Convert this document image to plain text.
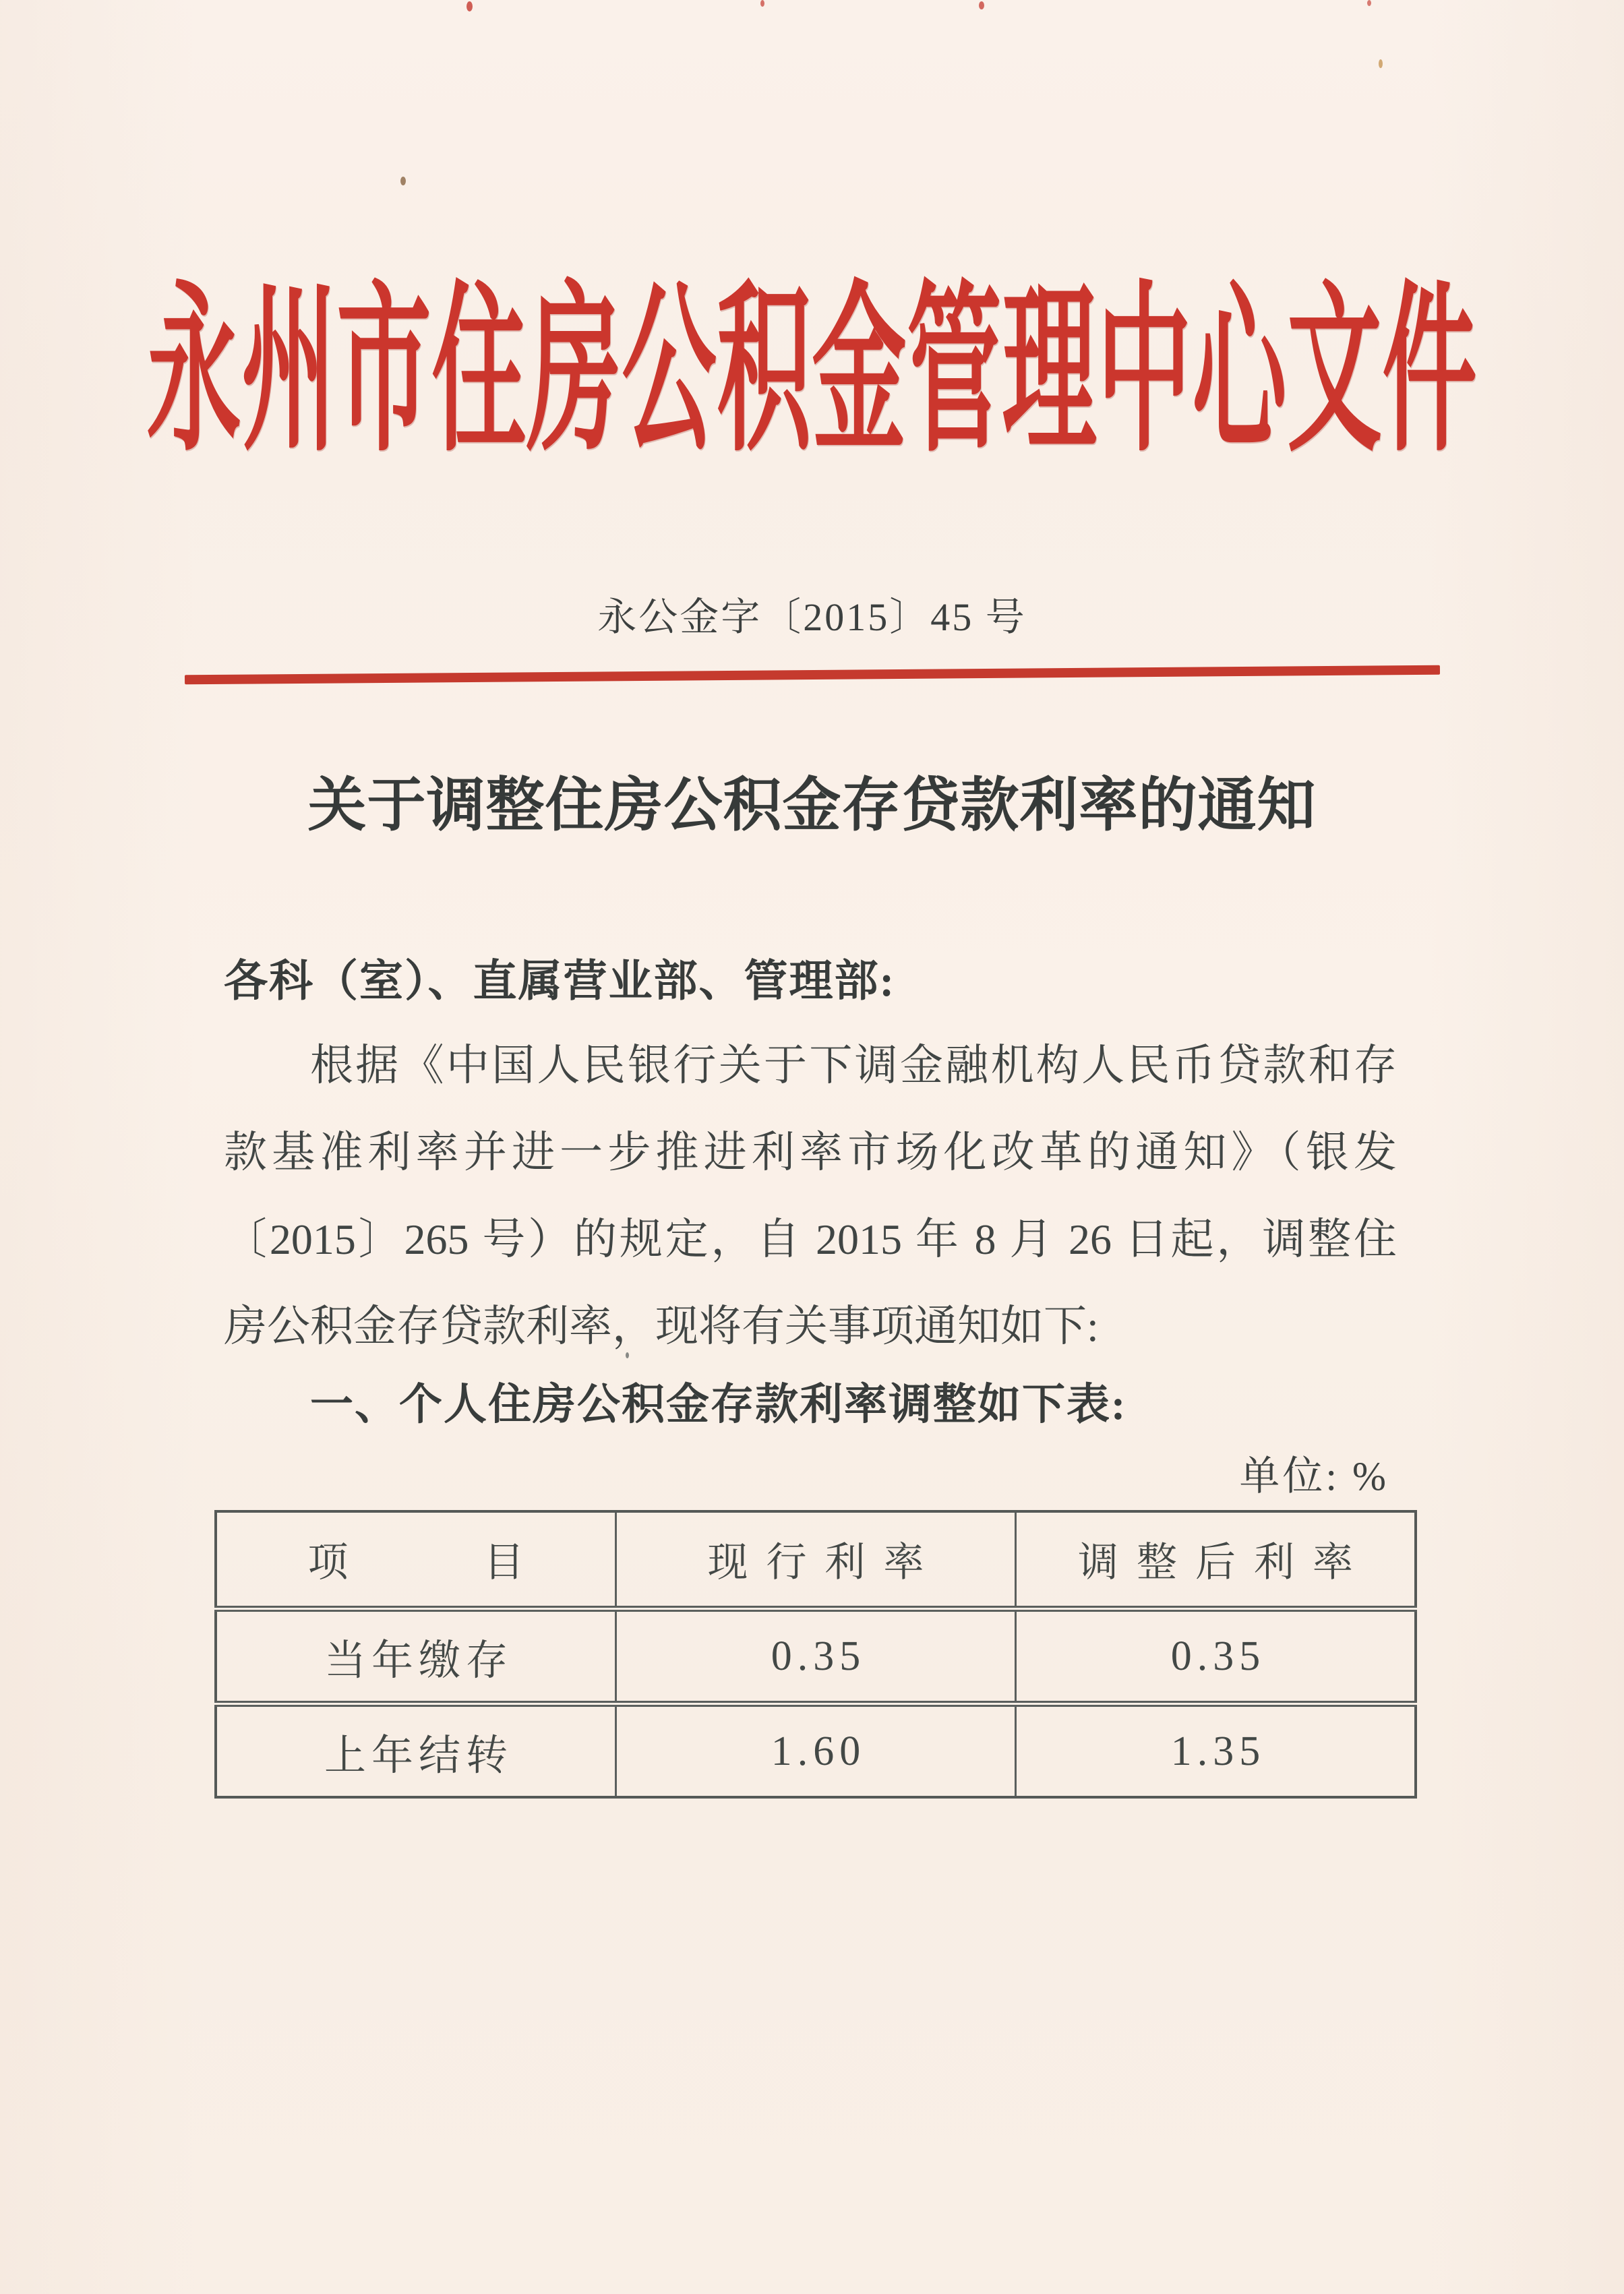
永州市住房公积金管理中心文件
永公金字〔2015〕45 号
关于调整住房公积金存贷款利率的通知

各科（室）、直属营业部、管理部:

根据《中国人民银行关于下调金融机构人民币贷款和存
款基准利率并进一步推进利率市场化改革的通知》（银发
〔2015〕265 号）的规定，自 2015 年 8 月 26 日起，调整住
房公积金存贷款利率，现将有关事项通知如下:

一、个人住房公积金存款利率调整如下表:

单位: %
项　　目	现行利率	调整后利率
当年缴存	0.35	0.35
上年结转	1.60	1.35
